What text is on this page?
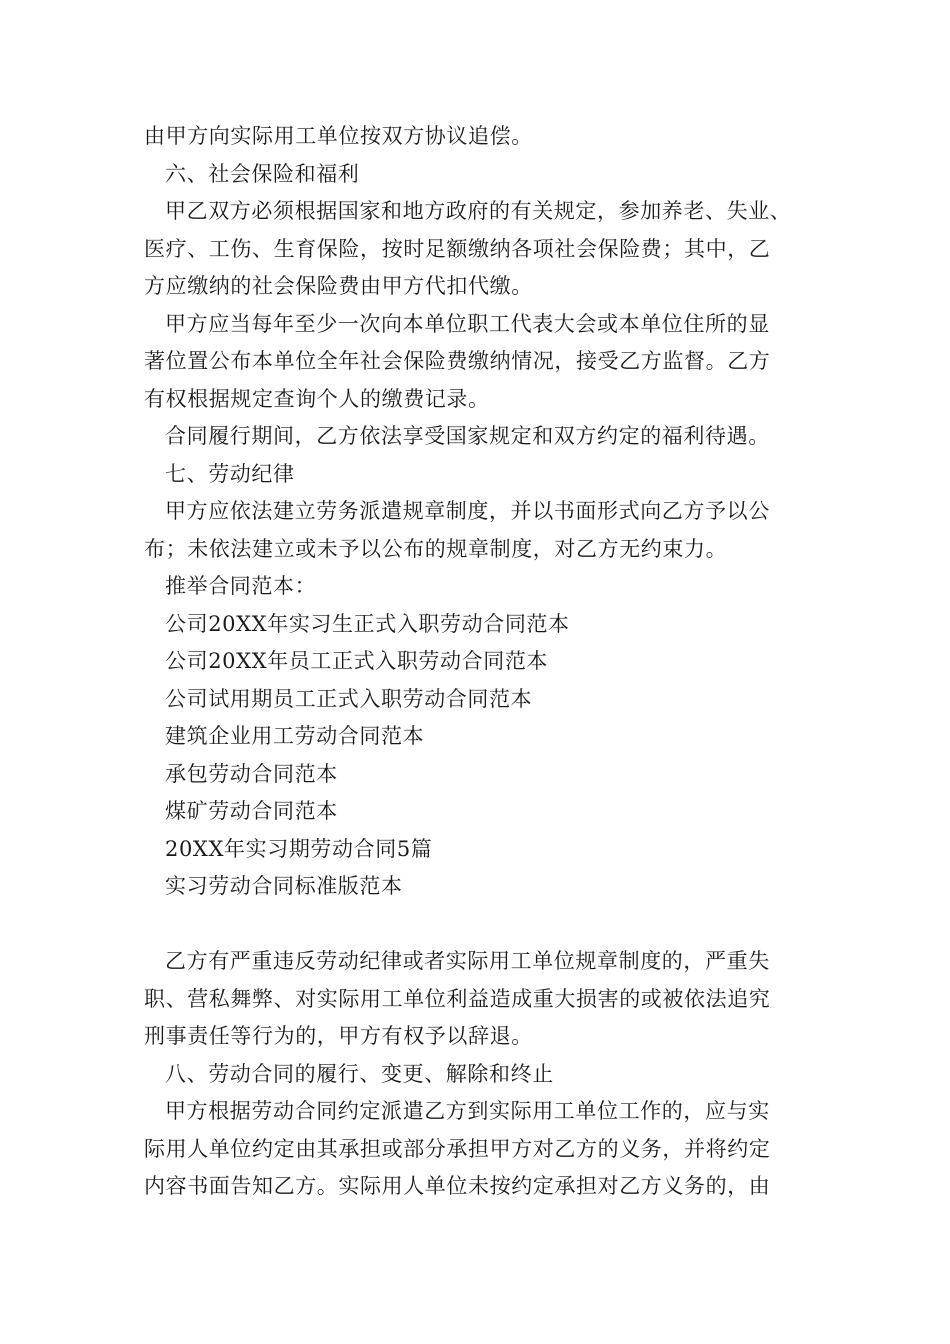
由甲方向实际用工单位按双方协议追偿。
六、社会保险和福利
甲乙双方必须根据国家和地方政府的有关规定，参加养老、失业、
医疗、工伤、生育保险，按时足额缴纳各项社会保险费；其中，乙
方应缴纳的社会保险费由甲方代扣代缴。
甲方应当每年至少一次向本单位职工代表大会或本单位住所的显
著位置公布本单位全年社会保险费缴纳情况，接受乙方监督。乙方
有权根据规定查询个人的缴费记录。
合同履行期间，乙方依法享受国家规定和双方约定的福利待遇。
七、劳动纪律
甲方应依法建立劳务派遣规章制度，并以书面形式向乙方予以公
布；未依法建立或未予以公布的规章制度，对乙方无约束力。
推举合同范本：
公司20XX年实习生正式入职劳动合同范本
公司20XX年员工正式入职劳动合同范本
公司试用期员工正式入职劳动合同范本
建筑企业用工劳动合同范本
承包劳动合同范本
煤矿劳动合同范本
20XX年实习期劳动合同5篇
实习劳动合同标准版范本
乙方有严重违反劳动纪律或者实际用工单位规章制度的，严重失
职、营私舞弊、对实际用工单位利益造成重大损害的或被依法追究
刑事责任等行为的，甲方有权予以辞退。
八、劳动合同的履行、变更、解除和终止
甲方根据劳动合同约定派遣乙方到实际用工单位工作的，应与实
际用人单位约定由其承担或部分承担甲方对乙方的义务，并将约定
内容书面告知乙方。实际用人单位未按约定承担对乙方义务的，由
